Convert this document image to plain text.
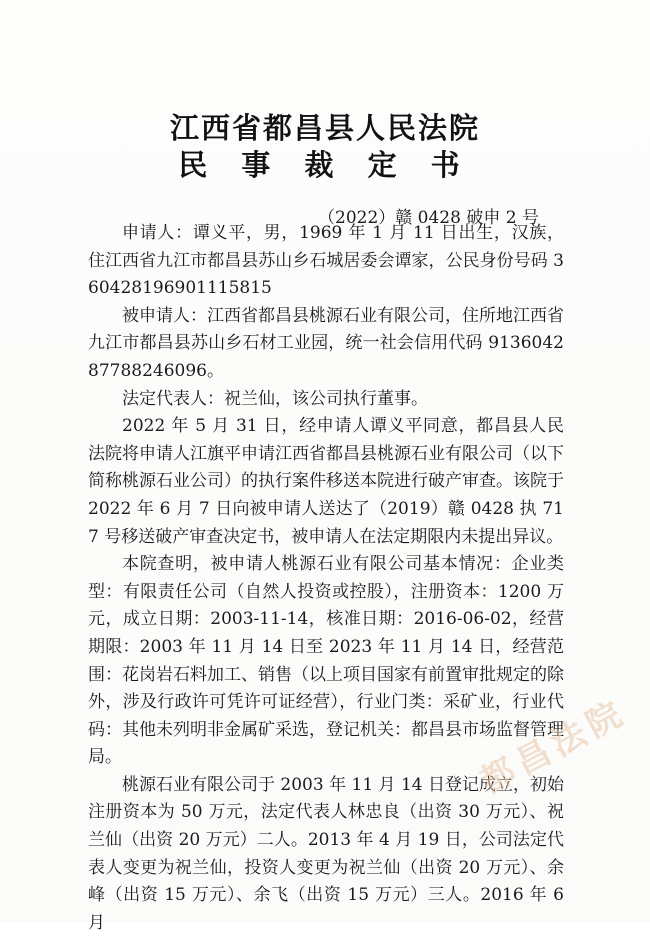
江西省都昌县人民法院
民 事 裁 定 书
（2022）赣 0428 破申 2 号

申请人：谭义平，男，1969 年 1 月 11 日出生，汉族，住江西省九江市都昌县苏山乡石城居委会谭家，公民身份号码 360428196901115815

被申请人：江西省都昌县桃源石业有限公司，住所地江西省九江市都昌县苏山乡石材工业园，统一社会信用代码 913604287788246096。

法定代表人：祝兰仙，该公司执行董事。

2022 年 5 月 31 日，经申请人谭义平同意，都昌县人民法院将申请人江旗平申请江西省都昌县桃源石业有限公司（以下简称桃源石业公司）的执行案件移送本院进行破产审查。该院于 2022 年 6 月 7 日向被申请人送达了（2019）赣 0428 执 717 号移送破产审查决定书，被申请人在法定期限内未提出异议。

本院查明，被申请人桃源石业有限公司基本情况：企业类型：有限责任公司（自然人投资或控股），注册资本：1200 万元，成立日期：2003-11-14，核准日期：2016-06-02，经营期限：2003 年 11 月 14 日至 2023 年 11 月 14 日，经营范围：花岗岩石料加工、销售（以上项目国家有前置审批规定的除外，涉及行政许可凭许可证经营），行业门类：采矿业，行业代码：其他未列明非金属矿采选，登记机关：都昌县市场监督管理局。

桃源石业有限公司于 2003 年 11 月 14 日登记成立，初始注册资本为 50 万元，法定代表人林忠良（出资 30 万元）、祝兰仙（出资 20 万元）二人。2013 年 4 月 19 日，公司法定代表人变更为祝兰仙，投资人变更为祝兰仙（出资 20 万元）、余峰（出资 15 万元）、余飞（出资 15 万元）三人。2016 年 6 月

都昌法院
